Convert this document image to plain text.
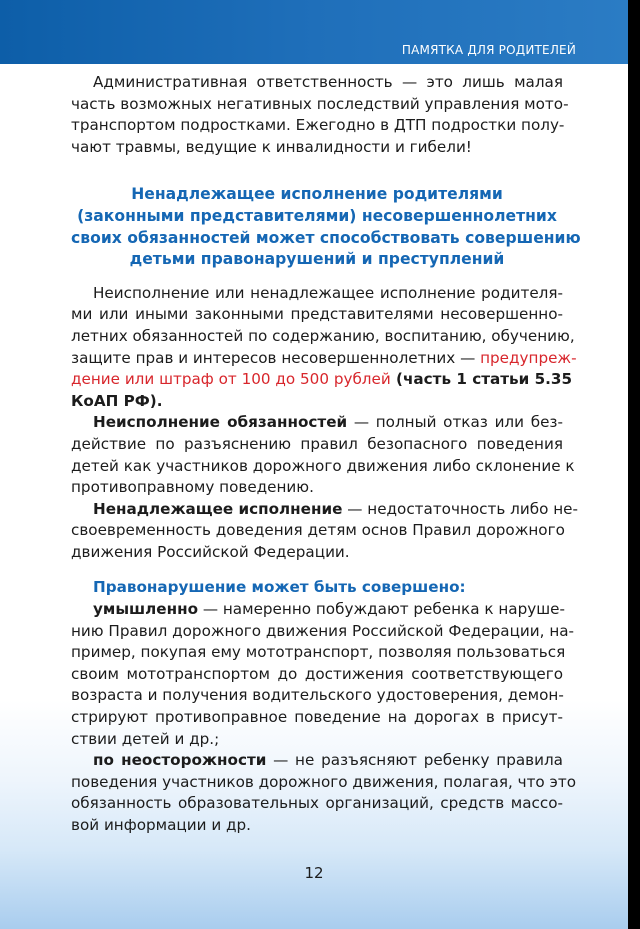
ПАМЯТКА ДЛЯ РОДИТЕЛЕЙ

Административная ответственность — это лишь малая
часть возможных негативных последствий управления мото-
транспортом подростками. Ежегодно в ДТП подростки полу-
чают травмы, ведущие к инвалидности и гибели!

Ненадлежащее исполнение родителями
(законными представителями) несовершеннолетних
своих обязанностей может способствовать совершению
детьми правонарушений и преступлений

Неисполнение или ненадлежащее исполнение родителя-
ми или иными законными представителями несовершенно-
летних обязанностей по содержанию, воспитанию, обучению,
защите прав и интересов несовершеннолетних — предупреж-
дение или штраф от 100 до 500 рублей (часть 1 статьи 5.35
КоАП РФ).

Неисполнение обязанностей — полный отказ или без-
действие по разъяснению правил безопасного поведения
детей как участников дорожного движения либо склонение к
противоправному поведению.

Ненадлежащее исполнение — недостаточность либо не-
своевременность доведения детям основ Правил дорожного
движения Российской Федерации.

Правонарушение может быть совершено:

умышленно — намеренно побуждают ребенка к наруше-
нию Правил дорожного движения Российской Федерации, на-
пример, покупая ему мототранспорт, позволяя пользоваться
своим мототранспортом до достижения соответствующего
возраста и получения водительского удостоверения, демон-
стрируют противоправное поведение на дорогах в присут-
ствии детей и др.;

по неосторожности — не разъясняют ребенку правила
поведения участников дорожного движения, полагая, что это
обязанность образовательных организаций, средств массо-
вой информации и др.

12
